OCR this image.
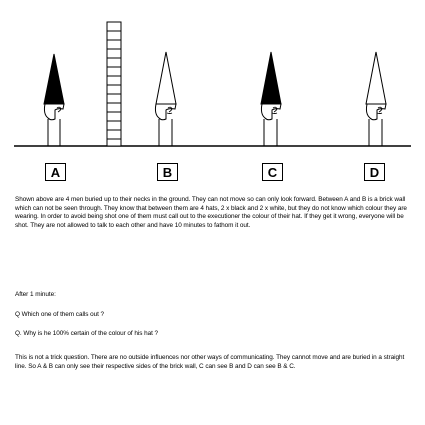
A	B	C	D

Shown above are 4 men buried up to their necks in the ground. They can not move so can only look forward. Between A and B is a brick wall which can not be seen through. They know that between them are 4 hats, 2 x black and 2 x white, but they do not know which colour they are wearing. In order to avoid being shot one of them must call out to the executioner the colour of their hat. If they get it wrong, everyone will be shot. They are not allowed to talk to each other and have 10 minutes to fathom it out.

After 1 minute:

Q Which one of them calls out ?

Q. Why is he 100% certain of the colour of his hat ?

This is not a trick question. There are no outside influences nor other ways of communicating. They cannot move and are buried in a straight line. So A & B can only see their respective sides of the brick wall, C can see B and D can see B & C.
